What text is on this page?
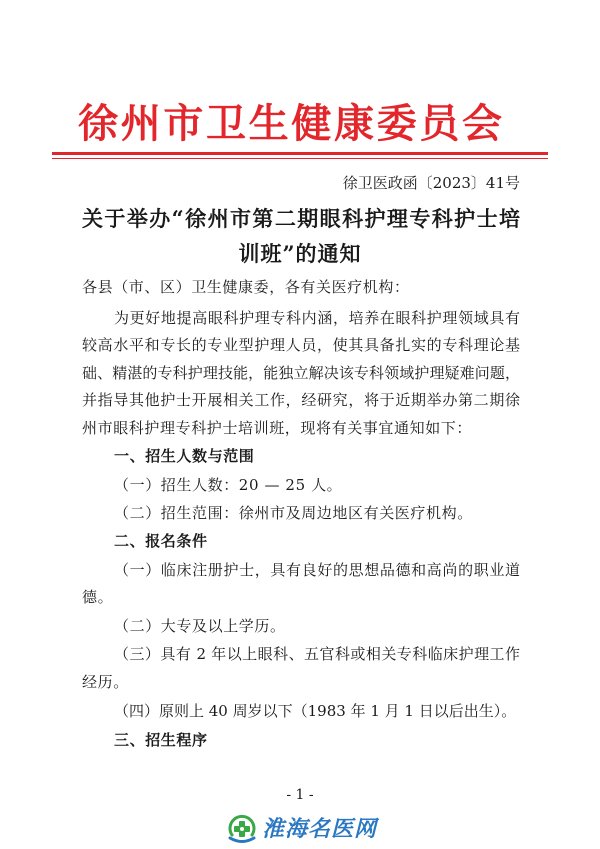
徐州市卫生健康委员会
徐卫医政函〔2023〕41号
关于举办“徐州市第二期眼科护理专科护士培
训班”的通知
各县（市、区）卫生健康委，各有关医疗机构：
为更好地提高眼科护理专科内涵，培养在眼科护理领域具有
较高水平和专长的专业型护理人员，使其具备扎实的专科理论基
础、精湛的专科护理技能，能独立解决该专科领域护理疑难问题，
并指导其他护士开展相关工作，经研究，将于近期举办第二期徐
州市眼科护理专科护士培训班，现将有关事宜通知如下：
一、招生人数与范围
（一）招生人数：20 — 25 人。
（二）招生范围：徐州市及周边地区有关医疗机构。
二、报名条件
（一）临床注册护士，具有良好的思想品德和高尚的职业道
德。
（二）大专及以上学历。
（三）具有 2 年以上眼科、五官科或相关专科临床护理工作
经历。
（四）原则上 40 周岁以下（1983 年 1 月 1 日以后出生）。
三、招生程序
- 1 -
淮海名医网
